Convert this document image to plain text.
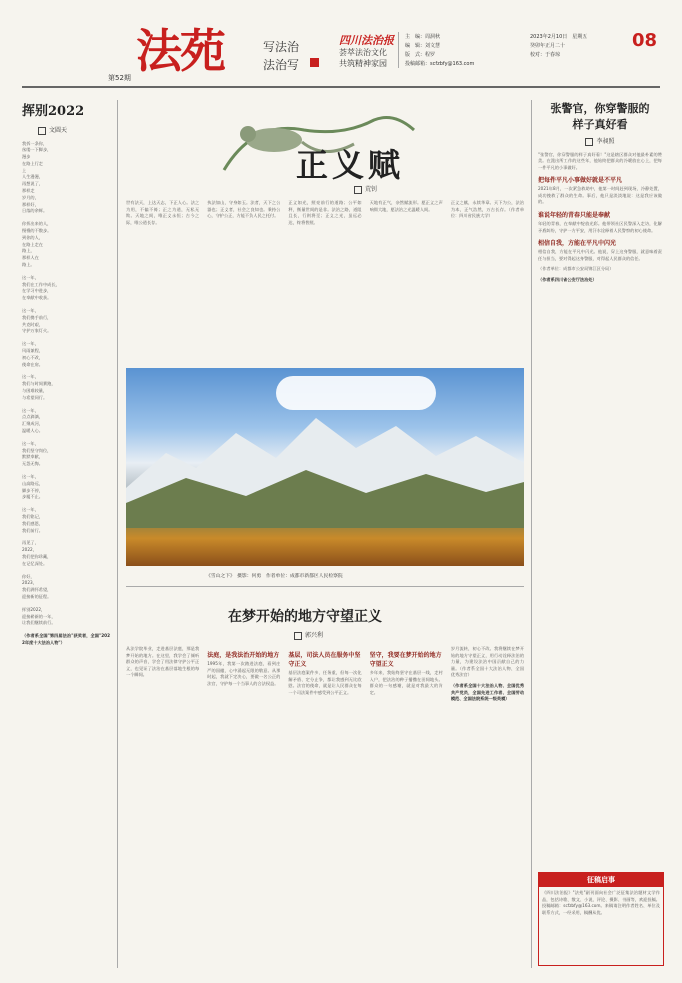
法苑
第52期
写法治
法治写
四川法治报
荟萃法治文化
共筑精神家园
主　编：周洞秋
编　辑：刘文慧
版　式：程罗
投稿邮箱：scfzbfy@163.com
2023年2月10日　星期五
癸卯年正月二十
校对：于春琼
08
挥别2022
文圆天
我拆一条你，
丝缕一下脚步，
漫步
在路上行走
上
人生漫漫，
再想说了，
那样走
岁月的，
那样好，
日落的余辉。
你挥出来的人，
慢慢的不散步。
到你的人，
在路上走在
路上，
那样人在
路上。
这一年，
我们在工作中成长，
在学习中进步，
在奉献中收获。
这一年，
我们携手前行，
共克时艰，
守护万家灯火。
这一年，
风雨兼程，
初心不改，
使命在肩。
这一年，
我们与时间赛跑，
与困难较量，
与希望同行。
这一年，
点点滴滴，
汇聚成河，
温暖人心。
这一年，
我们坚守岗位，
默默奉献，
无怨无悔。
这一年，
山高路远，
脚步不停，
步履不止。
这一年，
我们铭记，
我们感恩，
我们前行。
再见了，
2022，
我们把你珍藏，
在记忆深处。
你好，
2023，
我们满怀希望，
迎接新的征程。
挥别2022，
迎接崭新的一年，
让我们继续前行。
（作者系全国"第四届法治"获奖者，全国"2022年度十大法治人物"）
正义赋
荒钊
世有法天，上达天志，下正人心。法之为用，不偏不倚；正之为道，无私无欺。天地之间，唯正义永恒；古今之际，唯公道长存。
执法如山，守身如玉。法者，天下之公器也；正义者，社会之良知也。秉持公心，守护公正，方能不负人民之托付。
正义如光，照亮前行的道路；公平如秤，衡量世间的是非。法治之路，道阻且长，行则将至；正义之光，虽远必达，终将普照。
天地有正气，杂然赋流形。愿正义之声响彻大地，愿法治之光温暖人间。
正义之赋，永续华章。天下为公，法治为本，正气浩然，万古长存。（作者单位：四川省民族大学）
《雪山之下》　摄影：何勇　作者单位：成都市新都区人民检察院
在梦开始的地方守望正义
郭兴利
从法学院毕业，走进基层法庭，那是我梦开始的地方。在这里，我学会了倾听群众的声音，学会了用法律守护公平正义，也见证了法治在基层落地生根的每一个瞬间。
法庭，是我法治开始的地方
1995年，我第一次踏进法庭，看到庄严的国徽，心中涌起无限的敬意。从那时起，我就下定决心，要做一名公正的法官，守护每一个当事人的合法权益。
基层，司法人员在服务中坚守正义
基层法庭案件多、任务重，但每一次化解矛盾、定分止争，都让我感到无比欣慰。法官的使命，就是让人民群众在每一个司法案件中感受到公平正义。
坚守，我要在梦开始的地方守望正义
多年来，我始终坚守在基层一线，走村入户，把法治的种子播撒在田间地头。群众的一句感谢，就是对我最大的肯定。
岁月流转，初心不改。我将继续在梦开始的地方守望正义，用行动诠释法治的力量，为建设法治中国贡献自己的力量。（作者系全国十大法治人物、全国优秀法官）
（作者系全国十大法治人物、全国优秀共产党员，全国先进工作者、全国劳动模范、全国法院系统一级英模）
张警官，你穿警服的
样子真好看
李昶照
"张警官，你穿警服的样子真好看！"这是辖区群众对他最朴素的赞美。在派出所工作的这些年，他始终把群众的冷暖放在心上，把每一件平凡的小事做好。
把每件平凡小事做好就是不平凡
2021年8月，一次紧急救助中，他第一时间赶到现场，冷静处置，成功挽救了群众的生命。事后，他只是淡淡地说：这是我应该做的。
谁说年轻的青春只能是奉献
年轻的青春，在奉献中绽放光彩。他带领社区民警深入走访，化解矛盾纠纷，守护一方平安，用汗水诠释着人民警察的初心使命。
相信自我，方能在平凡中闪光
相信自我，方能在平凡中闪光。他说，穿上这身警服，就意味着责任与担当，要对得起这身警服，对得起人民群众的信任。
（作者单位：成都市公安局锦江区分局）
（作者系四川省公安厅法治处）
征稿启事
《四川法治报》"法苑"副刊面向社会广泛征集法治题材文学作品，包括诗歌、散文、小说、评论、摄影、书画等，欢迎投稿。投稿邮箱：scfzbfy@163.com。来稿请注明作者姓名、单位及联系方式，一经采用，稿酬从优。
